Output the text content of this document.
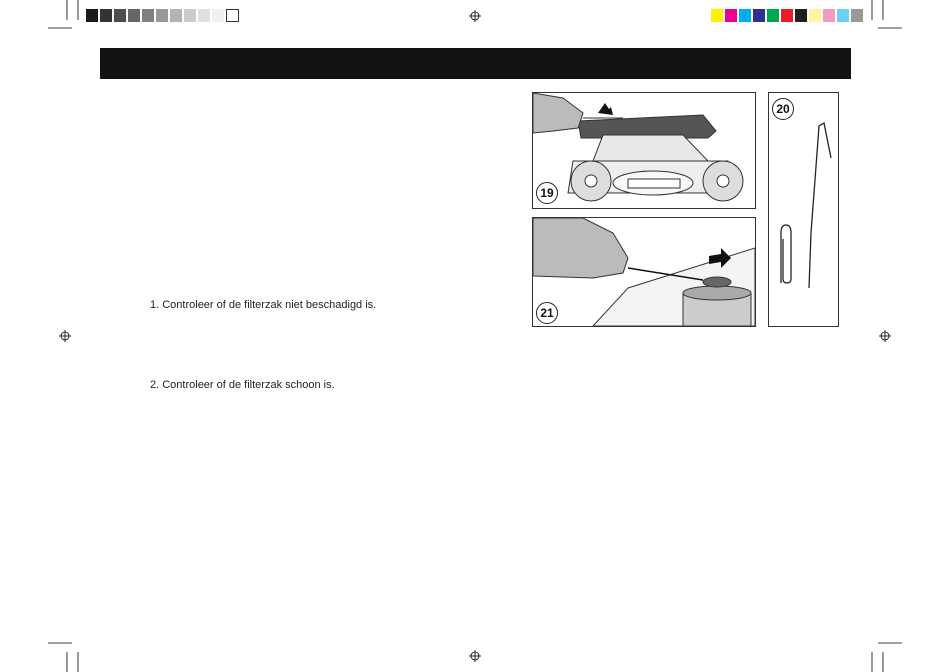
1. Controleer of de filterzak niet beschadigd is.
2. Controleer of de filterzak schoon is.
19
20
21
